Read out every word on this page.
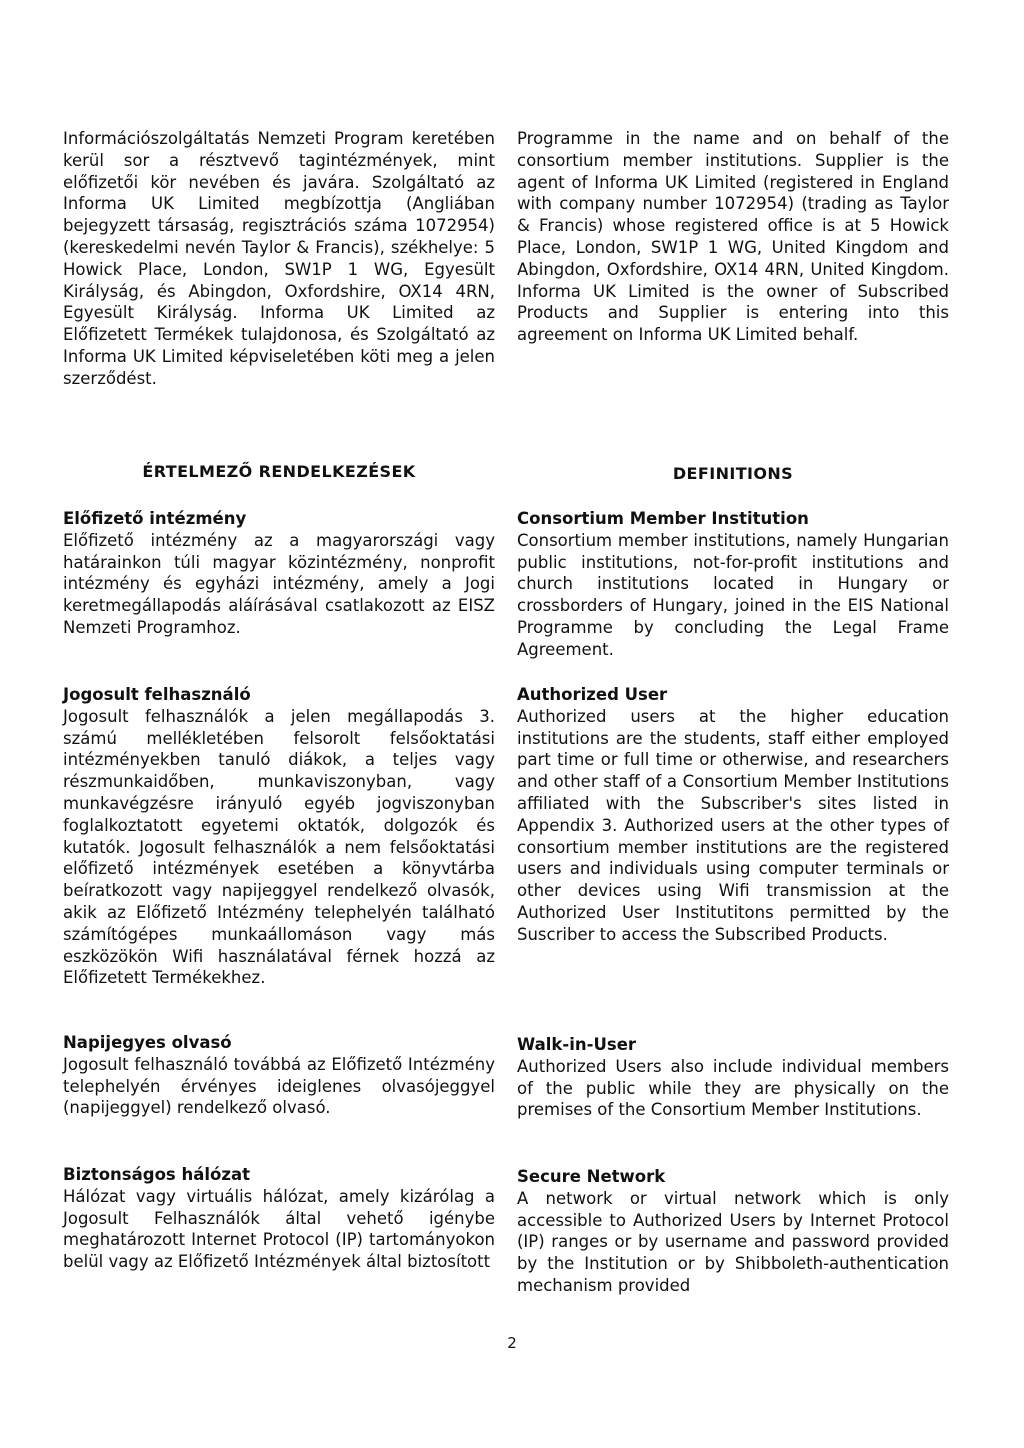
Információszolgáltatás Nemzeti Program keretében kerül sor a résztvevő tagintézmények, mint előfizetői kör nevében és javára. Szolgáltató az Informa UK Limited megbízottja (Angliában bejegyzett társaság, regisztrációs száma 1072954) (kereskedelmi nevén Taylor & Francis), székhelye: 5 Howick Place, London, SW1P 1 WG, Egyesült Királyság, és Abingdon, Oxfordshire, OX14 4RN, Egyesült Királyság. Informa UK Limited az Előfizetett Termékek tulajdonosa, és Szolgáltató az Informa UK Limited képviseletében köti meg a jelen szerződést.

Programme in the name and on behalf of the consortium member institutions. Supplier is the agent of Informa UK Limited (registered in England with company number 1072954) (trading as Taylor & Francis) whose registered office is at 5 Howick Place, London, SW1P 1 WG, United Kingdom and Abingdon, Oxfordshire, OX14 4RN, United Kingdom. Informa UK Limited is the owner of Subscribed Products and Supplier is entering into this agreement on Informa UK Limited behalf.

ÉRTELMEZŐ RENDELKEZÉSEK	DEFINITIONS
Előfizető intézmény
Előfizető intézmény az a magyarországi vagy határainkon túli magyar közintézmény, nonprofit intézmény és egyházi intézmény, amely a Jogi keretmegállapodás aláírásával csatlakozott az EISZ Nemzeti Programhoz.
Consortium Member Institution
Consortium member institutions, namely Hungarian public institutions, not-for-profit institutions and church institutions located in Hungary or crossborders of Hungary, joined in the EIS National Programme by concluding the Legal Frame Agreement.
Jogosult felhasználó
Jogosult felhasználók a jelen megállapodás 3. számú mellékletében felsorolt felsőoktatási intézményekben tanuló diákok, a teljes vagy részmunkaidőben, munkaviszonyban, vagy munkavégzésre irányuló egyéb jogviszonyban foglalkoztatott egyetemi oktatók, dolgozók és kutatók. Jogosult felhasználók a nem felsőoktatási előfizető intézmények esetében a könyvtárba beíratkozott vagy napijeggyel rendelkező olvasók, akik az Előfizető Intézmény telephelyén található számítógépes munkaállomáson vagy más eszközökön Wifi használatával férnek hozzá az Előfizetett Termékekhez.
Authorized User
Authorized users at the higher education institutions are the students, staff either employed part time or full time or otherwise, and researchers and other staff of a Consortium Member Institutions affiliated with the Subscriber's sites listed in Appendix 3. Authorized users at the other types of consortium member institutions are the registered users and individuals using computer terminals or other devices using Wifi transmission at the Authorized User Institutitons permitted by the Suscriber to access the Subscribed Products.
Napijegyes olvasó
Jogosult felhasználó továbbá az Előfizető Intézmény telephelyén érvényes ideiglenes olvasójeggyel (napijeggyel) rendelkező olvasó.
Walk-in-User
Authorized Users also include individual members of the public while they are physically on the premises of the Consortium Member Institutions.
Biztonságos hálózat
Hálózat vagy virtuális hálózat, amely kizárólag a Jogosult Felhasználók által vehető igénybe meghatározott Internet Protocol (IP) tartományokon belül vagy az Előfizető Intézmények által biztosított
Secure Network
A network or virtual network which is only accessible to Authorized Users by Internet Protocol (IP) ranges or by username and password provided by the Institution or by Shibboleth-authentication mechanism provided
2
